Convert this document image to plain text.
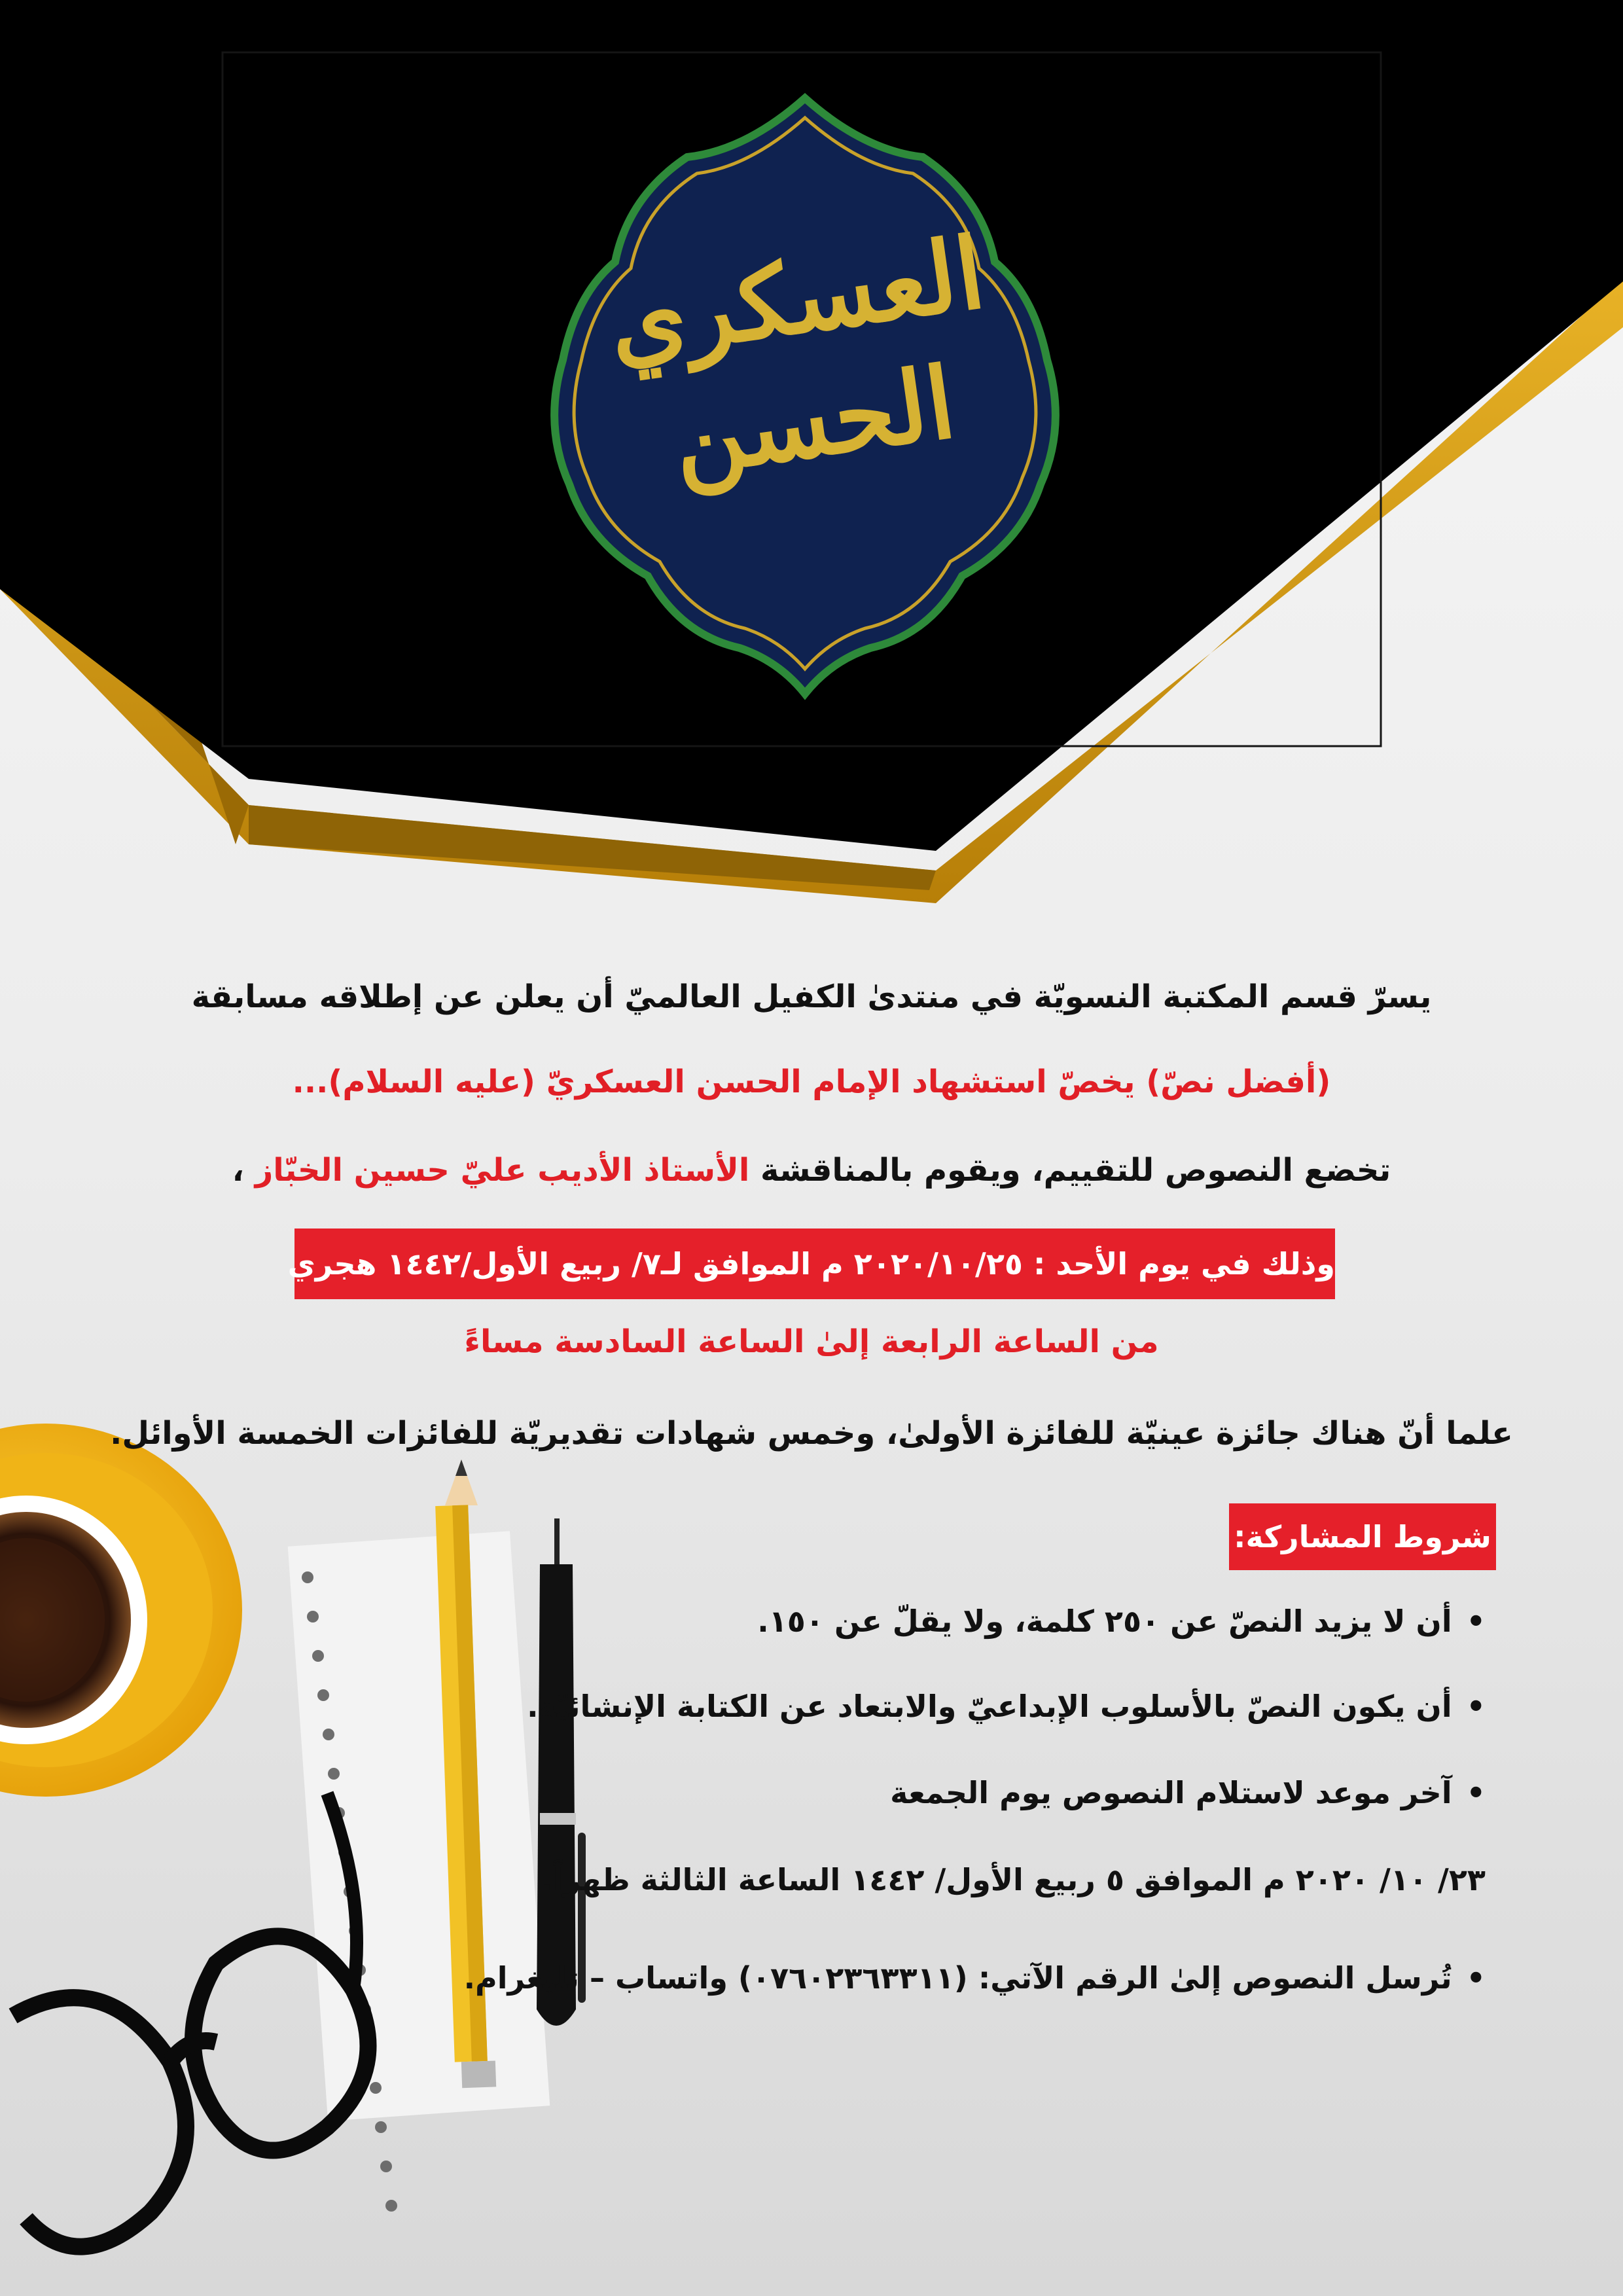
العسكري
الحسن
يسرّ قسم المكتبة النسويّة في منتدىٰ الكفيل العالميّ أن يعلن عن إطلاقه مسابقة
(أفضل نصّ) يخصّ استشهاد الإمام الحسن العسكريّ (عليه السلام)...
تخضع النصوص للتقييم، ويقوم بالمناقشة الأستاذ الأديب عليّ حسين الخبّاز ،
وذلك في يوم الأحد : ٢٠٢٠/١٠/٢٥ م الموافق لـ٧/ ربيع الأول/١٤٤٢ هجري
من الساعة الرابعة إلىٰ الساعة السادسة مساءً
علما أنّ هناك جائزة عينيّة للفائزة الأولىٰ، وخمس شهادات تقديريّة للفائزات الخمسة الأوائل.
شروط المشاركة:
•أن لا يزيد النصّ عن ٢٥٠ كلمة، ولا يقلّ عن ١٥٠.
•أن يكون النصّ بالأسلوب الإبداعيّ والابتعاد عن الكتابة الإنشائيّة.
•آخر موعد لاستلام النصوص يوم الجمعة
٢٣/ ١٠/ ٢٠٢٠ م الموافق ٥ ربيع الأول/ ١٤٤٢ الساعة الثالثة ظهراً.
•تُرسل النصوص إلىٰ الرقم الآتي: (٠٧٦٠٢٣٦٣٣١١) واتساب – تليغرام.
